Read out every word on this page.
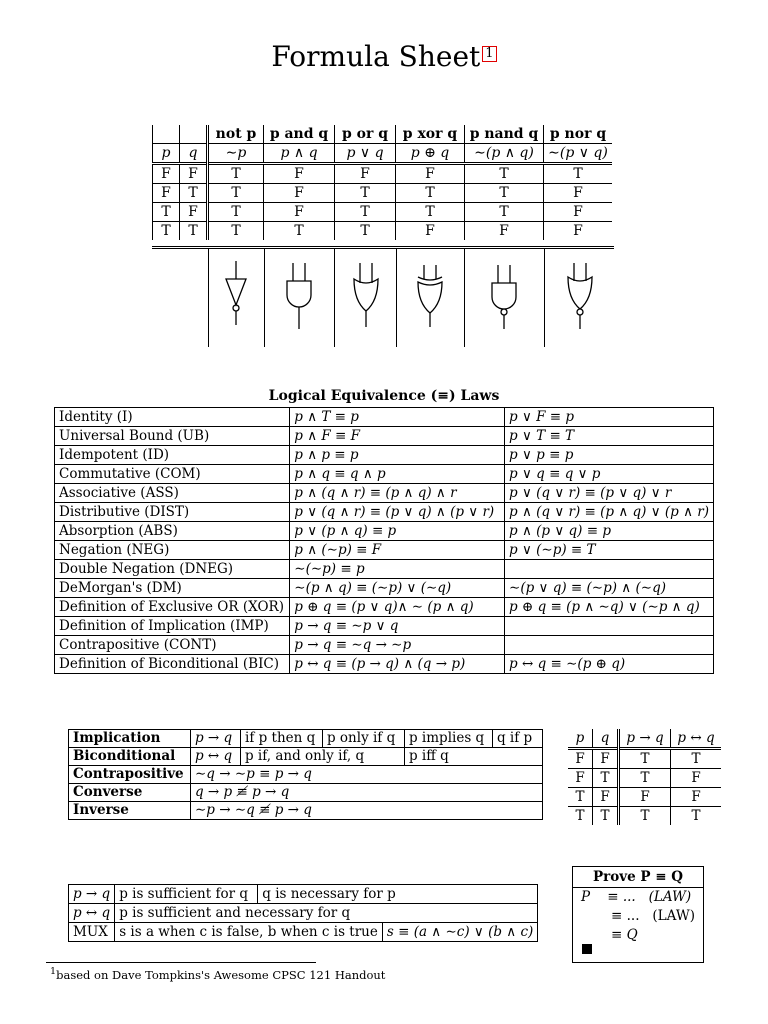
Formula Sheet 1
		not p	p and q	p or q	p xor q	p nand q	p nor q
p	q	∼p	p ∧ q	p ∨ q	p ⊕ q	∼(p ∧ q)	∼(p ∨ q)
F	F	T	F	F	F	T	T
F	T	T	F	T	T	T	F
T	F	T	F	T	T	T	F
T	T	T	T	T	F	F	F
Logical Equivalence (≡) Laws
Identity (I)	p ∧ T ≡ p	p ∨ F ≡ p
Universal Bound (UB)	p ∧ F ≡ F	p ∨ T ≡ T
Idempotent (ID)	p ∧ p ≡ p	p ∨ p ≡ p
Commutative (COM)	p ∧ q ≡ q ∧ p	p ∨ q ≡ q ∨ p
Associative (ASS)	p ∧ (q ∧ r) ≡ (p ∧ q) ∧ r	p ∨ (q ∨ r) ≡ (p ∨ q) ∨ r
Distributive (DIST)	p ∨ (q ∧ r) ≡ (p ∨ q) ∧ (p ∨ r)	p ∧ (q ∨ r) ≡ (p ∧ q) ∨ (p ∧ r)
Absorption (ABS)	p ∨ (p ∧ q) ≡ p	p ∧ (p ∨ q) ≡ p
Negation (NEG)	p ∧ (∼p) ≡ F	p ∨ (∼p) ≡ T
Double Negation (DNEG)	∼(∼p) ≡ p	
DeMorgan's (DM)	∼(p ∧ q) ≡ (∼p) ∨ (∼q)	∼(p ∨ q) ≡ (∼p) ∧ (∼q)
Definition of Exclusive OR (XOR)	p ⊕ q ≡ (p ∨ q)∧ ∼ (p ∧ q)	p ⊕ q ≡ (p ∧ ∼q) ∨ (∼p ∧ q)
Definition of Implication (IMP)	p → q ≡ ∼p ∨ q	
Contrapositive (CONT)	p → q ≡ ∼q → ∼p	
Definition of Biconditional (BIC)	p ↔ q ≡ (p → q) ∧ (q → p)	p ↔ q ≡ ∼(p ⊕ q)
Implication	p → q	if p then q	p only if q	p implies q	q if p
Biconditional	p ↔ q	p if, and only if, q		p iff q	
Contrapositive	∼q → ∼p ≡ p → q				
Converse	q → p ≢ p → q				
Inverse	∼p → ∼q ≢ p → q				
p	q	p → q	p ↔ q
F	F	T	T
F	T	T	F
T	F	F	F
T	T	T	T
p → q	p is sufficient for q	q is necessary for p	
p ↔ q	p is sufficient and necessary for q		
MUX	s is a when c is false, b when c is true		s ≡ (a ∧ ∼c) ∨ (b ∧ c)
Prove P ≡ Q
P    ≡ ...   (LAW)
≡ ...   (LAW)
≡ Q
$^1$based on Dave Tompkins's Awesome CPSC 121 Handout
